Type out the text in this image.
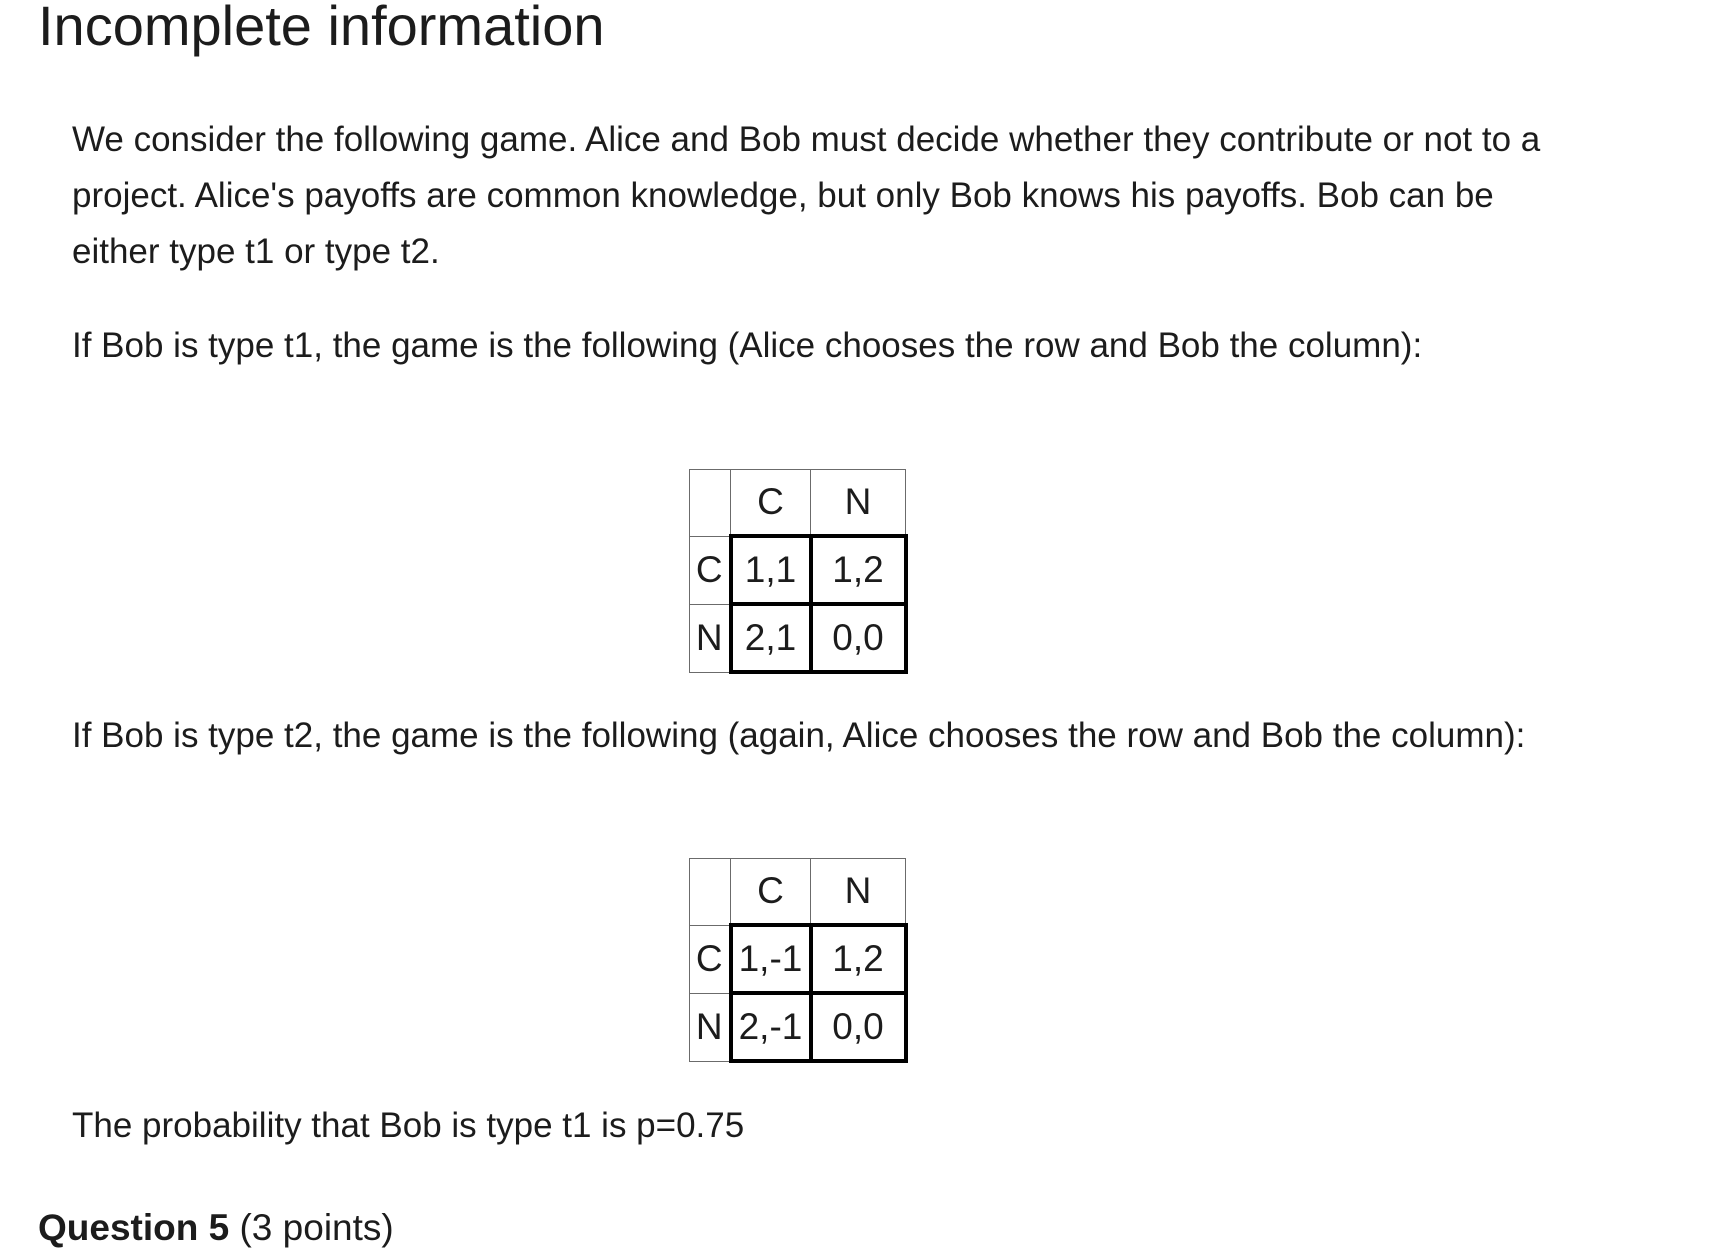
Incomplete information

We consider the following game. Alice and Bob must decide whether they contribute or not to a project. Alice's payoffs are common knowledge, but only Bob knows his payoffs. Bob can be either type t1 or type t2.

If Bob is type t1, the game is the following (Alice chooses the row and Bob the column):

	C	N
C	1,1	1,2
N	2,1	0,0

If Bob is type t2, the game is the following (again, Alice chooses the row and Bob the column):

	C	N
C	1,-1	1,2
N	2,-1	0,0

The probability that Bob is type t1 is p=0.75

Question 5 (3 points)
